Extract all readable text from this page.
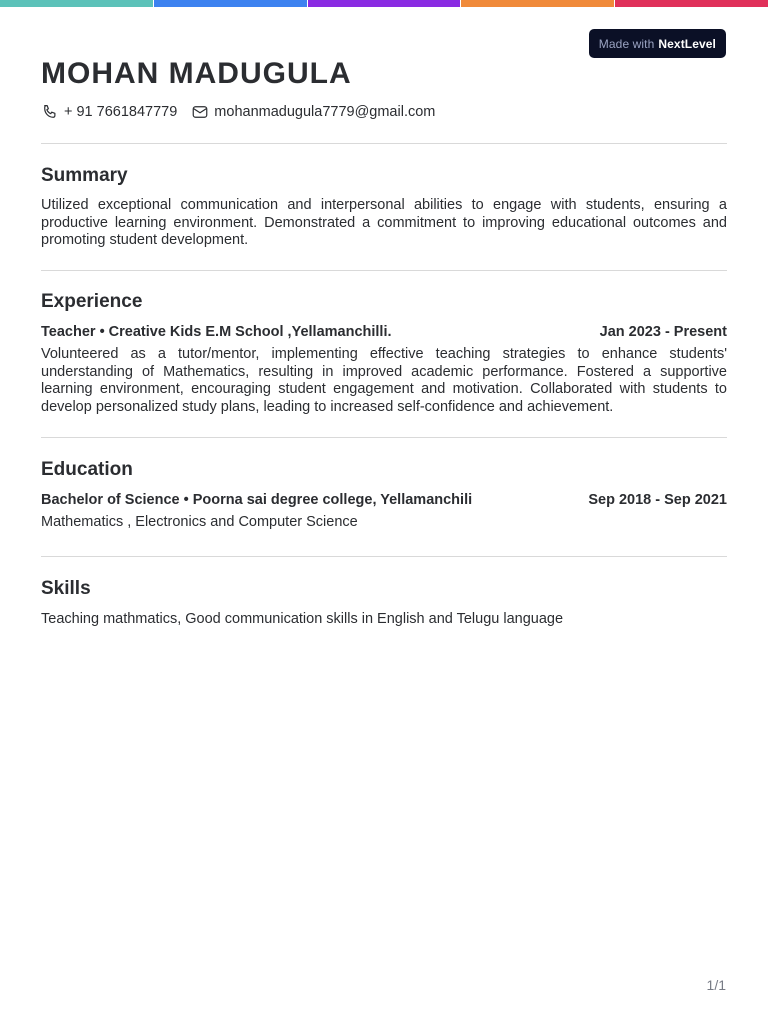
Made with NextLevel
MOHAN MADUGULA
+ 91 7661847779	mohanmadugula7779@gmail.com
Summary

Utilized exceptional communication and interpersonal abilities to engage with students, ensuring a productive learning environment. Demonstrated a commitment to improving educational outcomes and promoting student development.

Experience
Teacher • Creative Kids E.M School ,Yellamanchilli.	Jan 2023 - Present

Volunteered as a tutor/mentor, implementing effective teaching strategies to enhance students' understanding of Mathematics, resulting in improved academic performance. Fostered a supportive learning environment, encouraging student engagement and motivation. Collaborated with students to develop personalized study plans, leading to increased self-confidence and achievement.

Education
Bachelor of Science • Poorna sai degree college, Yellamanchili	Sep 2018 - Sep 2021

Mathematics , Electronics and Computer Science

Skills

Teaching mathmatics, Good communication skills in English and Telugu language

1/1
